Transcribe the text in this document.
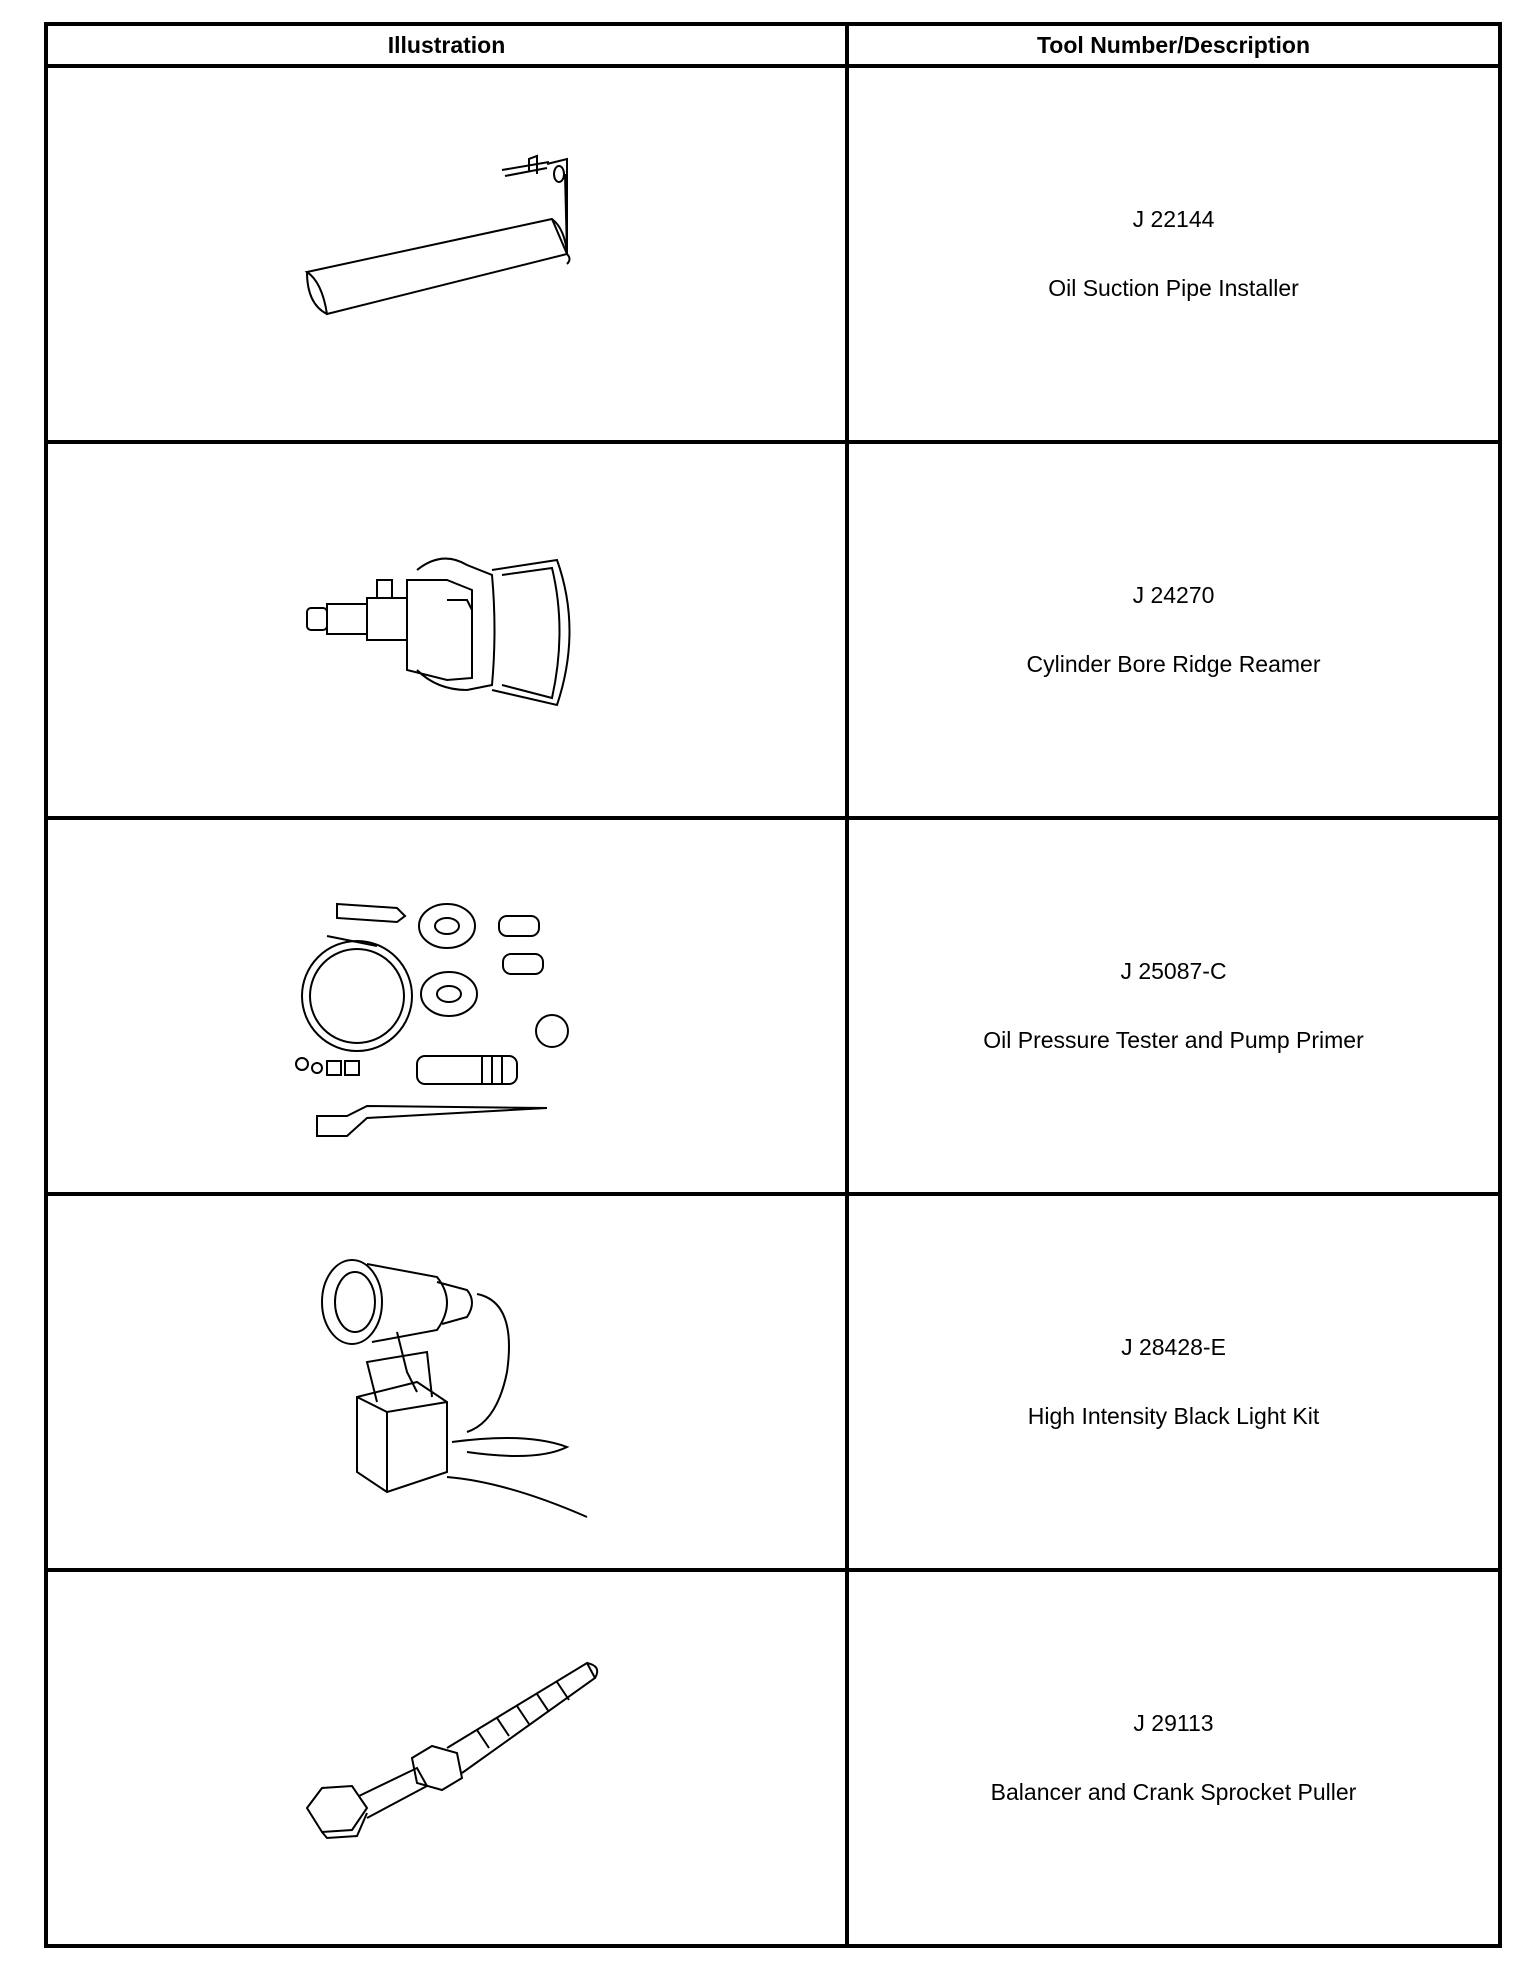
Illustration	Tool Number/Description
J 22144
Oil Suction Pipe Installer
J 24270
Cylinder Bore Ridge Reamer
J 25087-C
Oil Pressure Tester and Pump Primer
J 28428-E
High Intensity Black Light Kit
J 29113
Balancer and Crank Sprocket Puller
